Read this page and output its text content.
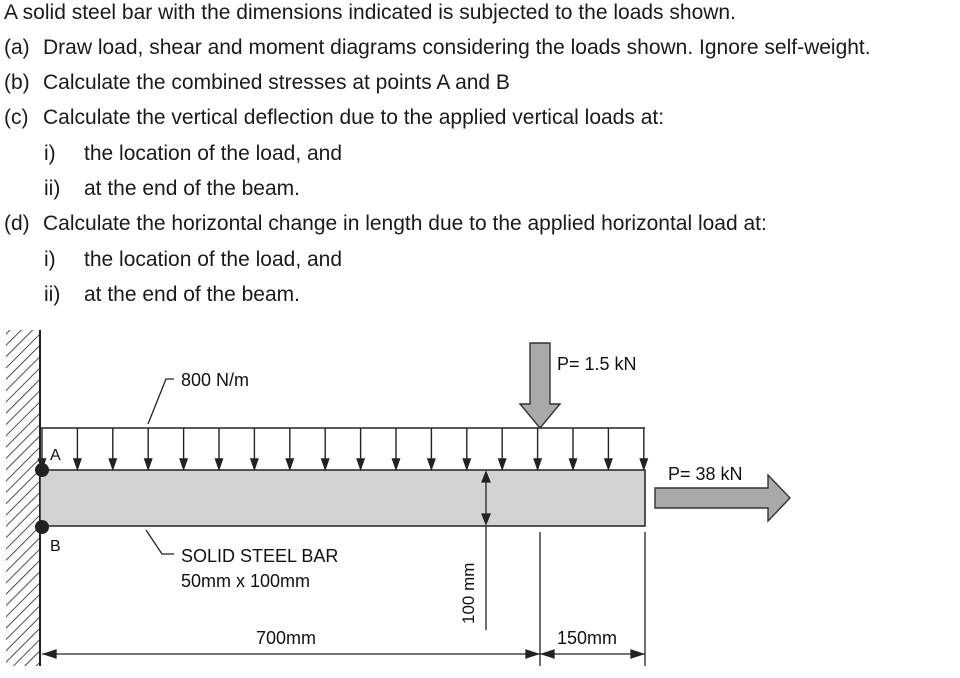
A solid steel bar with the dimensions indicated is subjected to the loads shown.
(a) Draw load, shear and moment diagrams considering the loads shown. Ignore self-weight.
(b) Calculate the combined stresses at points A and B
(c) Calculate the vertical deflection due to the applied vertical loads at:
i) the location of the load, and
ii) at the end of the beam.
(d) Calculate the horizontal change in length due to the applied horizontal load at:
i) the location of the load, and
ii) at the end of the beam.
800 N/m
P= 1.5 kN
P= 38 kN
A
B	SOLID STEEL BAR
50mm x 100mm	100 mm
700mm	150mm
